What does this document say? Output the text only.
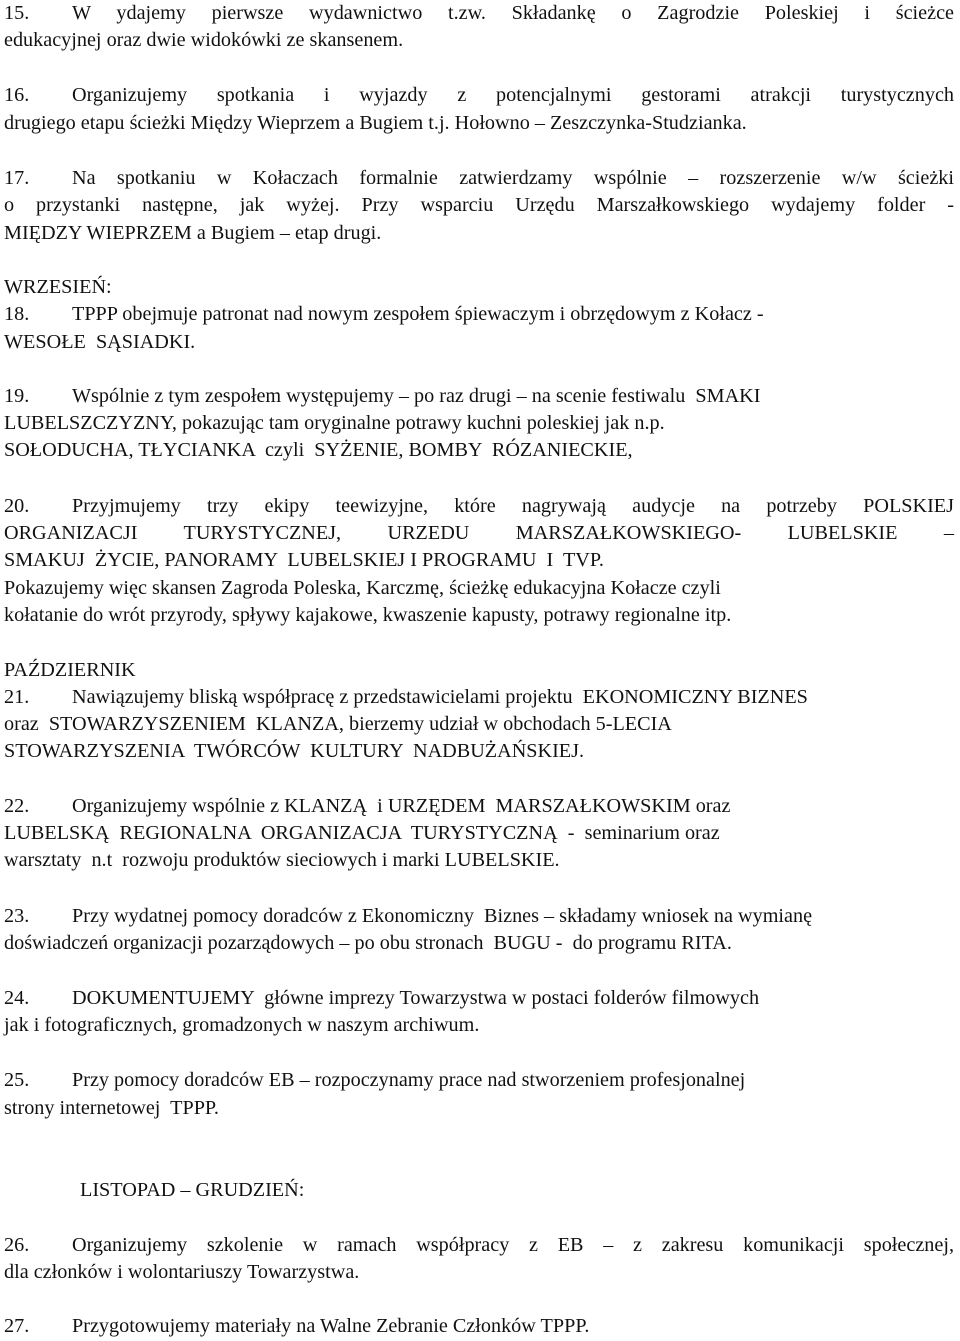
15. W ydajemy pierwsze wydawnictwo t.zw. Składankę o Zagrodzie Poleskiej i ścieżce
edukacyjnej oraz dwie widokówki ze skansenem.
16. Organizujemy spotkania i wyjazdy z potencjalnymi gestorami atrakcji turystycznych
drugiego etapu ścieżki Między Wieprzem a Bugiem t.j. Hołowno – Zeszczynka-Studzianka.
17. Na spotkaniu w Kołaczach formalnie zatwierdzamy wspólnie – rozszerzenie w/w ścieżki
o przystanki następne, jak wyżej. Przy wsparciu Urzędu Marszałkowskiego wydajemy folder -
MIĘDZY WIEPRZEM a Bugiem – etap drugi.
WRZESIEŃ:
18. TPPP obejmuje patronat nad nowym zespołem śpiewaczym i obrzędowym z Kołacz -
WESOŁE  SĄSIADKI.
19. Wspólnie z tym zespołem występujemy – po raz drugi – na scenie festiwalu  SMAKI
LUBELSZCZYZNY, pokazując tam oryginalne potrawy kuchni poleskiej jak n.p.
SOŁODUCHA, TŁYCIANKA  czyli  SYŻENIE, BOMBY  RÓZANIECKIE,
20. Przyjmujemy trzy ekipy teewizyjne, które nagrywają audycje na potrzeby POLSKIEJ
ORGANIZACJI TURYSTYCZNEJ, URZEDU MARSZAŁKOWSKIEGO- LUBELSKIE –
SMAKUJ  ŻYCIE, PANORAMY  LUBELSKIEJ I PROGRAMU  I  TVP.
Pokazujemy więc skansen Zagroda Poleska, Karczmę, ścieżkę edukacyjna Kołacze czyli
kołatanie do wrót przyrody, spływy kajakowe, kwaszenie kapusty, potrawy regionalne itp.
PAŹDZIERNIK
21. Nawiązujemy bliską współpracę z przedstawicielami projektu  EKONOMICZNY BIZNES
oraz  STOWARZYSZENIEM  KLANZA, bierzemy udział w obchodach 5-LECIA
STOWARZYSZENIA  TWÓRCÓW  KULTURY  NADBUŻAŃSKIEJ.
22. Organizujemy wspólnie z KLANZĄ  i URZĘDEM  MARSZAŁKOWSKIM oraz
LUBELSKĄ  REGIONALNA  ORGANIZACJA  TURYSTYCZNĄ  -  seminarium oraz
warsztaty  n.t  rozwoju produktów sieciowych i marki LUBELSKIE.
23. Przy wydatnej pomocy doradców z Ekonomiczny  Biznes – składamy wniosek na wymianę
doświadczeń organizacji pozarządowych – po obu stronach  BUGU -  do programu RITA.
24. DOKUMENTUJEMY  główne imprezy Towarzystwa w postaci folderów filmowych
jak i fotograficznych, gromadzonych w naszym archiwum.
25. Przy pomocy doradców EB – rozpoczynamy prace nad stworzeniem profesjonalnej
strony internetowej  TPPP.
LISTOPAD – GRUDZIEŃ:
26. Organizujemy szkolenie w ramach współpracy z EB – z zakresu komunikacji społecznej,
dla członków i wolontariuszy Towarzystwa.
27. Przygotowujemy materiały na Walne Zebranie Członków TPPP.
